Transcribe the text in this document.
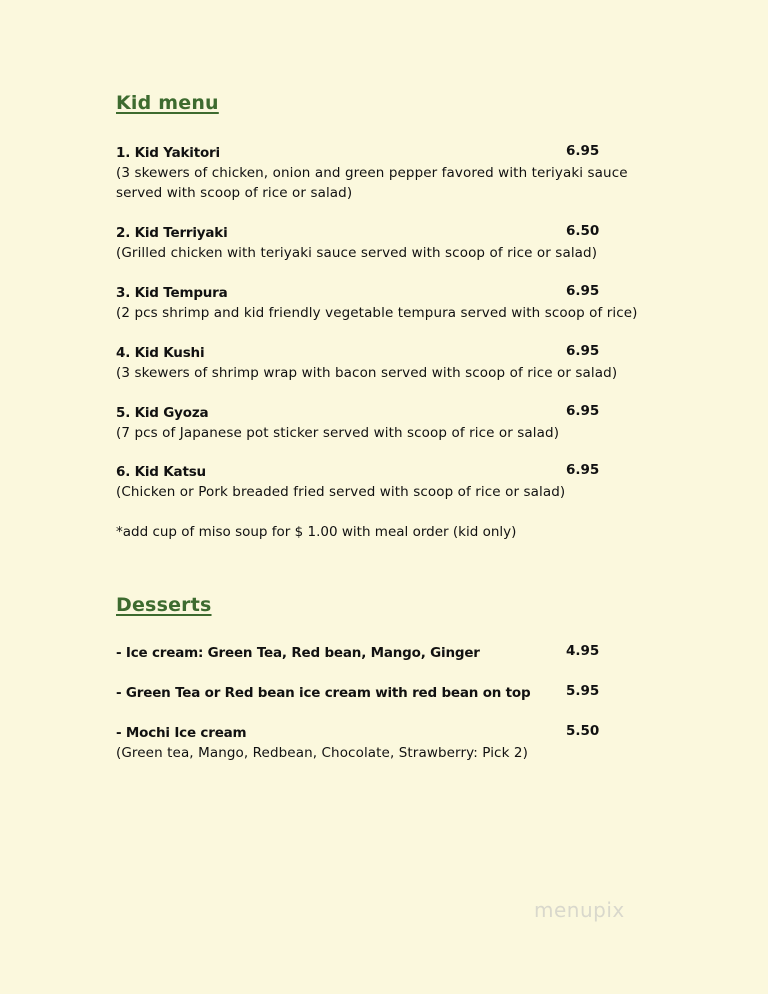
Kid menu
1. Kid Yakitori	6.95
(3 skewers of chicken, onion and green pepper favored with teriyaki sauce served with scoop of rice or salad)
2. Kid Terriyaki	6.50
(Grilled chicken with teriyaki sauce served with scoop of rice or salad)
3. Kid Tempura	6.95
(2 pcs shrimp and kid friendly vegetable tempura served with scoop of rice)
4. Kid Kushi	6.95
(3 skewers of shrimp wrap with bacon served with scoop of rice or salad)
5. Kid Gyoza	6.95
(7 pcs of Japanese pot sticker served with scoop of rice or salad)
6. Kid Katsu	6.95
(Chicken or Pork breaded fried served with scoop of rice or salad)
*add cup of miso soup for $ 1.00 with meal order (kid only)
Desserts
- Ice cream: Green Tea, Red bean, Mango, Ginger	4.95
- Green Tea or Red bean ice cream with red bean on top	5.95
- Mochi Ice cream	5.50
(Green tea, Mango, Redbean, Chocolate, Strawberry: Pick 2)
menupix
